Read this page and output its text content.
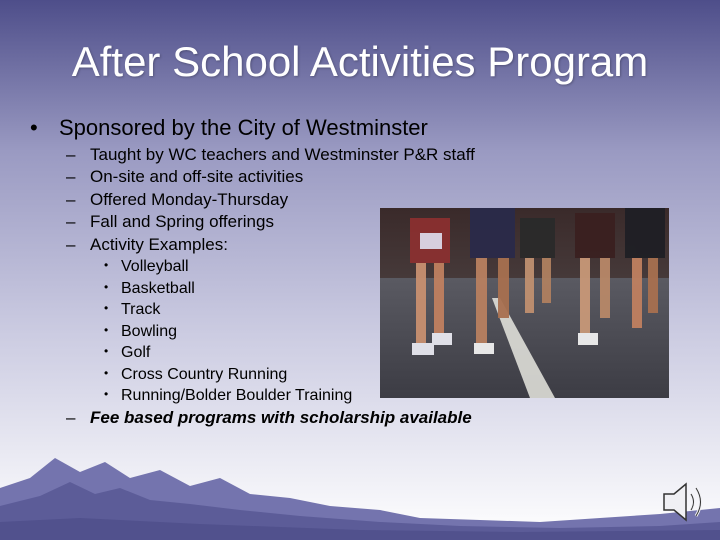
After School Activities Program
• Sponsored by the City of Westminster
– Taught by WC teachers and Westminster P&R staff
– On-site and off-site activities
– Offered Monday-Thursday
– Fall and Spring offerings
– Activity Examples:
• Volleyball
• Basketball
• Track
• Bowling
• Golf
• Cross Country Running
• Running/Bolder Boulder Training
– Fee based programs with scholarship available
